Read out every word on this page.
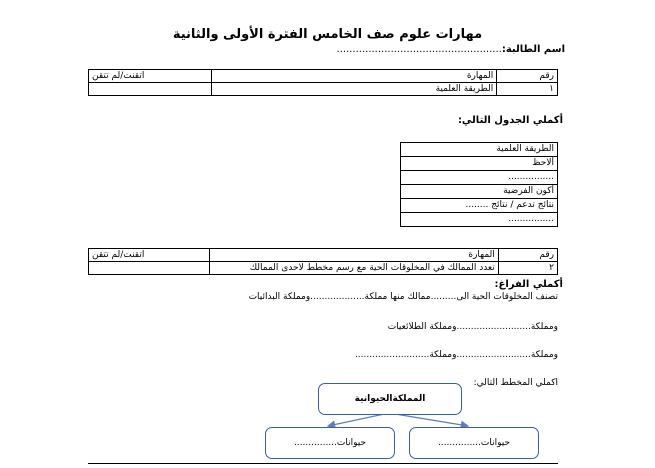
مهارات علوم صف الخامس الفترة الأولى والثانية
اسم الطالبة:....................................................
رقم	المهارة	اتقنت/لم تتقن
١	الطريقة العلمية	
أكملي الجدول التالي:
الطريقة العلمية
ألاحظ
................
أكون الفرضية
نتائج تدعم / نتائج ........
................
رقم	المهارة	اتقنت/لم تتقن
٢	تعدد الممالك في المخلوقات الحية مع رسم مخطط لاحدى الممالك	
أكملي الفراغ:
تصنف المخلوقات الحية الى.........ممالك منها مملكة...................ومملكة البدائيات
ومملكة..........................ومملكة الطلائعيات
ومملكة..........................ومملكة..........................
اكملي المخطط التالي:
المملكةالحيوانية
حيوانات...............
حيوانات...............
